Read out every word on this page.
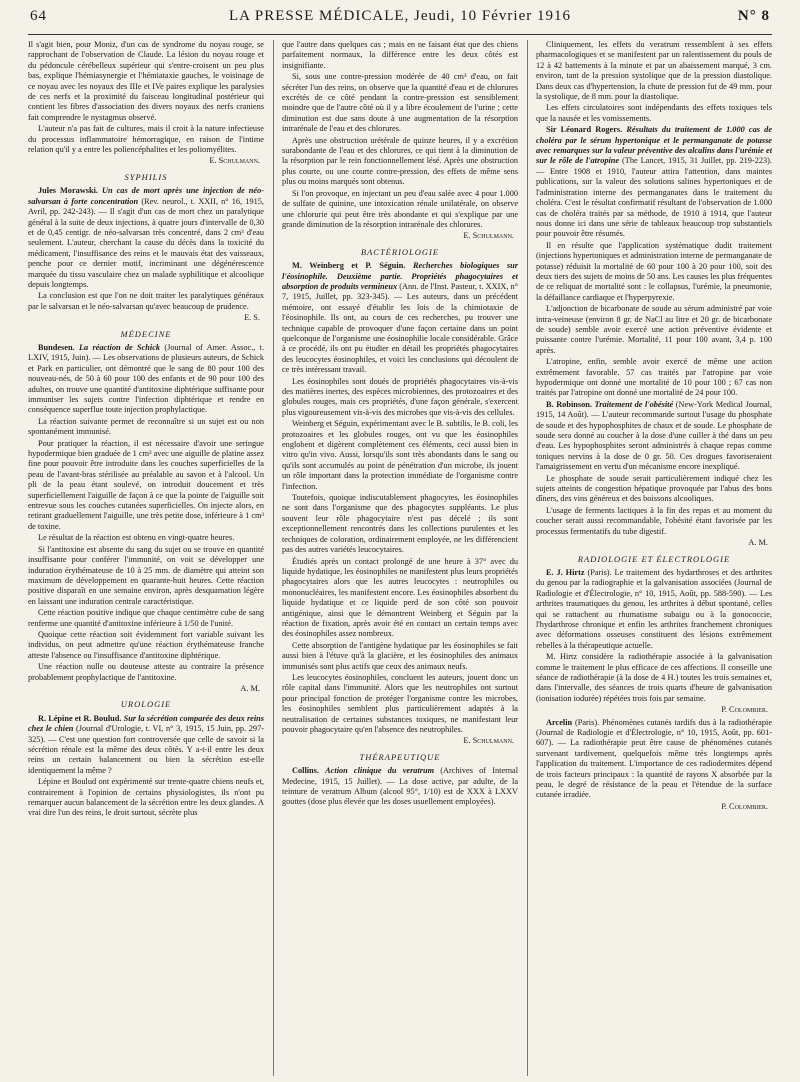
64	LA PRESSE MÉDICALE, Jeudi, 10 Février 1916	N° 8

Il s'agit bien, pour Moniz, d'un cas de syndrome du noyau rouge, se rapprochant de l'observation de Claude. La lésion du noyau rouge et du pédoncule cérébelleux supérieur qui s'entre-croisent un peu plus bas, explique l'hémiasynergie et l'hémiataxie gauches, le voisinage de ce noyau avec les noyaux des IIIe et IVe paires explique les paralysies de ces nerfs et la proximité du faisceau longitudinal postérieur qui contient les fibres d'association des divers noyaux des nerfs craniens fait comprendre le nystagmus observé.

L'auteur n'a pas fait de cultures, mais il croit à la nature infectieuse du processus inflammatoire hémorragique, en raison de l'intime relation qu'il y a entre les poliencéphalites et les poliomyélites.

E. Schulmann.
SYPHILIS

Jules Morawski. Un cas de mort après une injection de néo-salvarsan à forte concentration (Rev. neurol., t. XXII, n° 16, 1915, Avril, pp. 242-243). — Il s'agit d'un cas de mort chez un paralytique général à la suite de deux injections, à quatre jours d'intervalle de 0,30 et de 0,45 centigr. de néo-salvarsan très concentré, dans 2 cm³ d'eau seulement. L'auteur, cherchant la cause du décès dans la toxicité du médicament, l'insuffisance des reins et le mauvais état des vaisseaux, penche pour ce dernier motif, incriminant une dégénérescence marquée du tissu vasculaire chez un malade syphilitique et alcoolique depuis longtemps.

La conclusion est que l'on ne doit traiter les paralytiques généraux par le salvarsan et le néo-salvarsan qu'avec beaucoup de prudence.

E. S.
MÉDECINE

Bundesen. La réaction de Schick (Journal of Amer. Assoc., t. LXIV, 1915, Juin). — Les observations de plusieurs auteurs, de Schick et Park en particulier, ont démontré que le sang de 80 pour 100 des nouveau-nés, de 50 à 60 pour 100 des enfants et de 90 pour 100 des adultes, on trouve une quantité d'antitoxine diphtérique suffisante pour immuniser les sujets contre l'infection diphtérique et rendre en conséquence superflue toute injection prophylactique.

La réaction suivante permet de reconnaître si un sujet est ou non spontanément immunisé.

Pour pratiquer la réaction, il est nécessaire d'avoir une seringue hypodermique bien graduée de 1 cm³ avec une aiguille de platine assez fine pour pouvoir être introduite dans les couches superficielles de la peau de l'avant-bras stérilisée au préalable au savon et à l'alcool. Un pli de la peau étant soulevé, on introduit doucement et très superficiellement l'aiguille de façon à ce que la pointe de l'aiguille soit entrevue sous les couches cutanées superficielles. On injecte alors, en retirant graduellement l'aiguille, une très petite dose, inférieure à 1 cm³ de toxine.

Le résultat de la réaction est obtenu en vingt-quatre heures.

Si l'antitoxine est absente du sang du sujet ou se trouve en quantité insuffisante pour conférer l'immunité, on voit se développer une induration érythémateuse de 10 à 25 mm. de diamètre qui atteint son maximum de développement en quarante-huit heures. Cette réaction positive disparaît en une semaine environ, après desquamation légère en laissant une induration centrale caractéristique.

Cette réaction positive indique que chaque centimètre cube de sang renferme une quantité d'antitoxine inférieure à 1/50 de l'unité.

Quoique cette réaction soit évidemment fort variable suivant les individus, on peut admettre qu'une réaction érythémateuse franche atteste l'absence ou l'insuffisance d'antitoxine diphtérique.

Une réaction nulle ou douteuse atteste au contraire la présence probablement prophylactique de l'antitoxine.

A. M.
UROLOGIE

R. Lépine et R. Boulud. Sur la sécrétion comparée des deux reins chez le chien (Journal d'Urologie, t. VI, n° 3, 1915, 15 Juin, pp. 297-325). — C'est une question fort controversée que celle de savoir si la sécrétion rénale est la même des deux côtés. Y a-t-il entre les deux reins un certain balancement ou bien la sécrétion est-elle identiquement la même ?

Lépine et Boulud ont expérimenté sur trente-quatre chiens neufs et, contrairement à l'opinion de certains physiologistes, ils n'ont pu remarquer aucun balancement de la sécrétion entre les deux glandes. A vrai dire l'un des reins, le droit surtout, sécrète plus

que l'autre dans quelques cas ; mais en ne faisant état que des chiens parfaitement normaux, la différence entre les deux côtés est insignifiante.

Si, sous une contre-pression modérée de 40 cm³ d'eau, on fait sécréter l'un des reins, on observe que la quantité d'eau et de chlorures excrétés de ce côté pendant la contre-pression est sensiblement moindre que de l'autre côté où il y a libre écoulement de l'urine ; cette diminution est due sans doute à une augmentation de la résorption intrarénale de l'eau et des chlorures.

Après une obstruction urétérale de quinze heures, il y a excrétion surabondante de l'eau et des chlorures, ce qui tient à la diminution de la résorption par le rein fonctionnellement lésé. Après une obstruction plus courte, ou une courte contre-pression, des effets de même sens plus ou moins marqués sont obtenus.

Si l'on provoque, en injectant un peu d'eau salée avec 4 pour 1.000 de sulfate de quinine, une intoxication rénale unilatérale, on observe une chlorurie qui peut être très abondante et qui s'explique par une grande diminution de la résorption intrarénale des chlorures.

E. Schulmann.
BACTÉRIOLOGIE

M. Weinberg et P. Séguin. Recherches biologiques sur l'éosinophile. Deuxième partie. Propriétés phagocytaires et absorption de produits vermineux (Ann. de l'Inst. Pasteur, t. XXIX, n° 7, 1915, Juillet, pp. 323-345). — Les auteurs, dans un précédent mémoire, ont essayé d'établir les lois de la chimiotaxie de l'éosinophile. Ils ont, au cours de ces recherches, pu trouver une technique capable de provoquer d'une façon certaine dans un point quelconque de l'organisme une éosinophilie locale considérable. Grâce à ce procédé, ils ont pu étudier en détail les propriétés phagocytaires des leucocytes éosinophiles, et voici les conclusions qui découlent de ce très intéressant travail.

Les éosinophiles sont doués de propriétés phagocytaires vis-à-vis des matières inertes, des espèces microbiennes, des protozoaires et des globules rouges, mais ces propriétés, d'une façon générale, s'exercent plus vigoureusement vis-à-vis des microbes que vis-à-vis des cellules.

Weinberg et Séguin, expérimentant avec le B. subtilis, le B. coli, les protozoaires et les globules rouges, ont vu que les éosinophiles englobent et digèrent complètement ces éléments, ceci aussi bien in vitro qu'in vivo. Aussi, lorsqu'ils sont très abondants dans le sang ou qu'ils sont accumulés au point de pénétration d'un microbe, ils jouent un rôle important dans la protection immédiate de l'organisme contre l'infection.

Toutefois, quoique indiscutablement phagocytes, les éosinophiles ne sont dans l'organisme que des phagocytes suppléants. Le plus souvent leur rôle phagocytaire n'est pas décelé ; ils sont exceptionnellement rencontrés dans les collections purulentes et les techniques de coloration, ordinairement employée, ne les différencient pas des autres variétés leucocytaires.

Étudiés après un contact prolongé de une heure à 37° avec du liquide hydatique, les éosinophiles ne manifestent plus leurs propriétés phagocytaires alors que les autres leucocytes : neutrophiles ou mononucléaires, les manifestent encore. Les éosinophiles absorbent du liquide hydatique et ce liquide perd de son côté son pouvoir antigénique, ainsi que le démontrent Weinberg et Séguin par la réaction de fixation, après avoir été en contact un certain temps avec des éosinophiles assez nombreux.

Cette absorption de l'antigène hydatique par les éosinophiles se fait aussi bien à l'étuve qu'à la glacière, et les éosinophiles des animaux immunisés sont plus actifs que ceux des animaux neufs.

Les leucocytes éosinophiles, concluent les auteurs, jouent donc un rôle capital dans l'immunité. Alors que les neutrophiles ont surtout pour principal fonction de protéger l'organisme contre les microbes, les éosinophiles semblent plus particulièrement adaptés à la neutralisation de certaines substances toxiques, ne manifestant leur pouvoir phagocytaire qu'en l'absence des neutrophiles.

E. Schulmann.
THÉRAPEUTIQUE

Collins. Action clinique du veratrum (Archives of Internal Medecine, 1915, 15 Juillet). — La dose active, par adulte, de la teinture de veratrum Album (alcool 95°, 1/10) est de XXX à LXXV gouttes (dose plus élevée que les doses usuellement employées).

Cliniquement, les effets du veratrum ressemblent à ses effets pharmacologiques et se manifestent par un ralentissement du pouls de 12 à 42 battements à la minute et par un abaissement marqué, 3 cm. environ, tant de la pression systolique que de la pression diastolique. Dans deux cas d'hypertension, la chute de pression fut de 49 mm. pour la systolique, de 8 mm. pour la diastolique.

Les effets circulatoires sont indépendants des effets toxiques tels que la nausée et les vomissements.

Sir Léonard Rogers. Résultats du traitement de 1.000 cas de choléra par le sérum hypertonique et le permanganate de potasse avec remarques sur la valeur préventive des alcalins dans l'urémie et sur le rôle de l'atropine (The Lancet, 1915, 31 Juillet, pp. 219-223). — Entre 1908 et 1910, l'auteur attira l'attention, dans maintes publications, sur la valeur des solutions salines hypertoniques et de l'administration interne des permanganates dans le traitement du choléra. C'est le résultat confirmatif résultant de l'observation de 1.000 cas de choléra traités par sa méthode, de 1910 à 1914, que l'auteur nous donne ici dans une série de tableaux beaucoup trop substantiels pour pouvoir être résumés.

Il en résulte que l'application systématique dudit traitement (injections hypertoniques et administration interne de permanganate de potasse) réduisit la mortalité de 60 pour 100 à 20 pour 100, soit des deux tiers des sujets de moins de 50 ans. Les causes les plus fréquentes de ce reliquat de mortalité sont : le collapsus, l'urémie, la pneumonie, la défaillance cardiaque et l'hyperpyrexie.

L'adjonction de bicarbonate de soude au sérum administré par voie intra-veineuse (environ 8 gr. de NaCl au litre et 20 gr. de bicarbonate de soude) semble avoir exercé une action préventive évidente et puissante contre l'urémie. Mortalité, 11 pour 100 avant, 3,4 p. 100 après.

L'atropine, enfin, semble avoir exercé de même une action extrêmement favorable. 57 cas traités par l'atropine par voie hypodermique ont donné une mortalité de 10 pour 100 ; 67 cas non traités par l'atropine ont donné une mortalité de 24 pour 100.

B. Robinson. Traitement de l'obésité (New-York Medical Journal, 1915, 14 Août). — L'auteur recommande surtout l'usage du phosphate de soude et des hypophosphites de chaux et de soude. Le phosphate de soude sera donné au coucher à la dose d'une cuiller à thé dans un peu d'eau. Les hypophosphites seront administrés à chaque repas comme toniques nervins à la dose de 0 gr. 50. Ces drogues favoriseraient l'amaigrissement en vertu d'un mécanisme encore inexpliqué.

Le phosphate de soude serait particulièrement indiqué chez les sujets atteints de congestion hépatique provoquée par l'abus des bons dîners, des vins généreux et des boissons alcooliques.

L'usage de ferments lactiques à la fin des repas et au moment du coucher serait aussi recommandable, l'obésité étant favorisée par les processus fermentatifs du tube digestif.

A. M.
RADIOLOGIE ET ÉLECTROLOGIE

E. J. Hirtz (Paris). Le traitement des hydarthroses et des arthrites du genou par la radiographie et la galvanisation associées (Journal de Radiologie et d'Électrologie, n° 10, 1915, Août, pp. 588-590). — Les arthrites traumatiques du genou, les arthrites à début spontané, celles qui se rattachent au rhumatisme subaigu ou à la gonococcie, l'hydarthrose chronique et enfin les arthrites franchement chroniques avec déformations osseuses constituent des lésions extrêmement rebelles à la thérapeutique actuelle.

M. Hirtz considère la radiothérapie associée à la galvanisation comme le traitement le plus efficace de ces affections. Il conseille une séance de radiothérapie (à la dose de 4 H.) toutes les trois semaines et, dans l'intervalle, des séances de trois quarts d'heure de galvanisation (ionisation iodurée) répétées trois fois par semaine.

P. Colombier.

Arcelin (Paris). Phénomènes cutanés tardifs dus à la radiothérapie (Journal de Radiologie et d'Électrologie, n° 10, 1915, Août, pp. 601-607). — La radiothérapie peut être cause de phénomènes cutanés survenant tardivement, quelquefois même très longtemps après l'application du traitement. L'importance de ces radiodermites dépend de trois facteurs principaux : la quantité de rayons X absorbée par la peau, le degré de résistance de la peau et l'étendue de la surface cutanée irradiée.

P. Colombier.
